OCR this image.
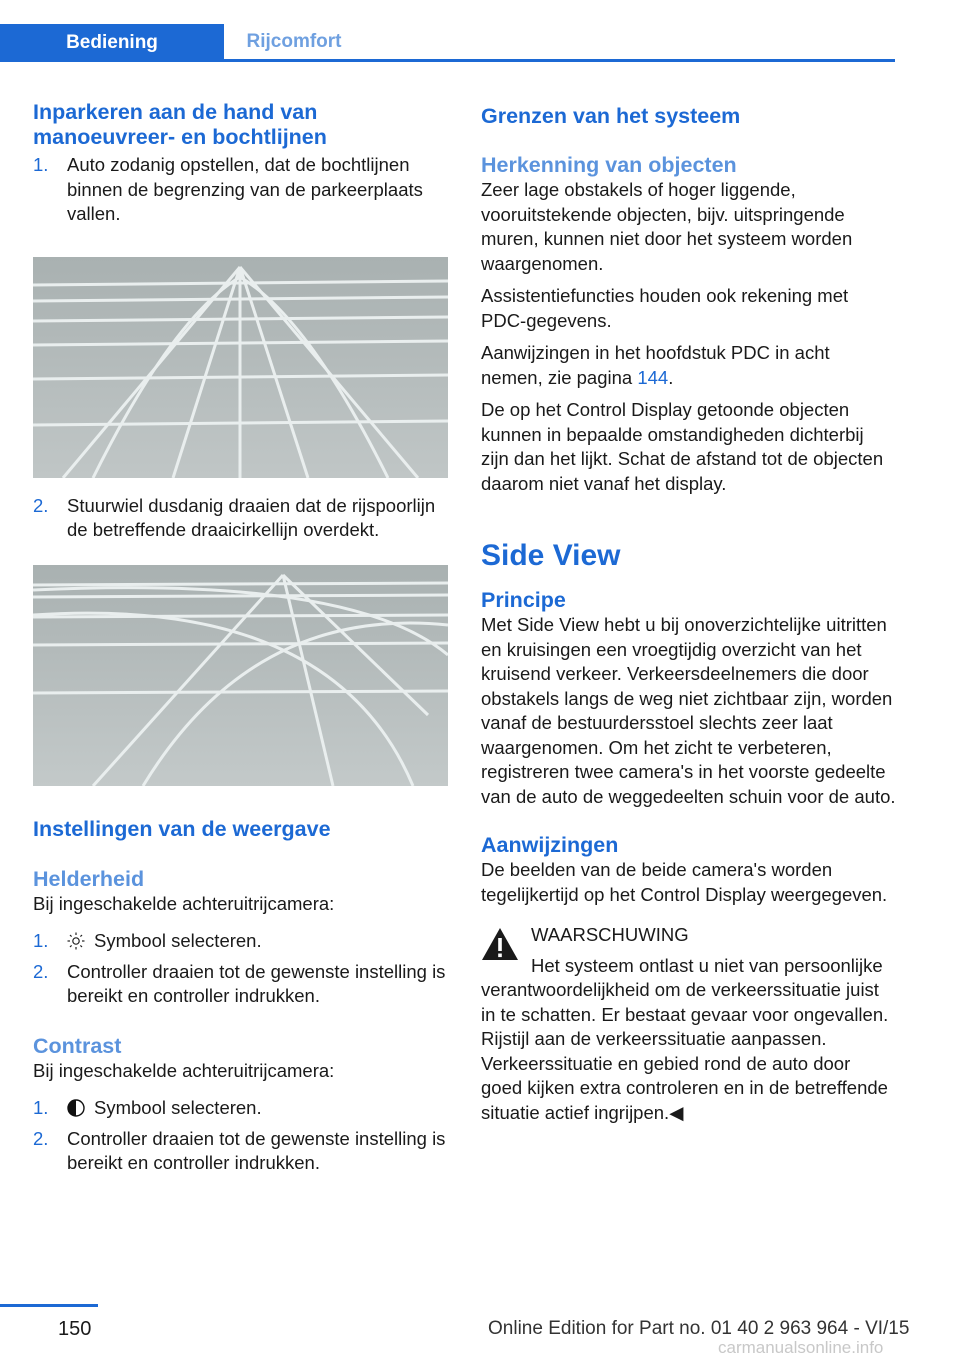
Bediening	Rijcomfort
Inparkeren aan de hand van manoeuvreer- en bochtlijnen
1.	Auto zodanig opstellen, dat de bochtlijnen binnen de begrenzing van de parkeerplaats vallen.
2.	Stuurwiel dusdanig draaien dat de rijspoorlijn de betreffende draaicirkellijn overdekt.
Instellingen van de weergave
Helderheid

Bij ingeschakelde achteruitrijcamera:

1.	Symbool selecteren.
2.	Controller draaien tot de gewenste instelling is bereikt en controller indrukken.
Contrast

Bij ingeschakelde achteruitrijcamera:

1.	Symbool selecteren.
2.	Controller draaien tot de gewenste instelling is bereikt en controller indrukken.
Grenzen van het systeem
Herkenning van objecten

Zeer lage obstakels of hoger liggende, vooruitstekende objecten, bijv. uitspringende muren, kunnen niet door het systeem worden waargenomen.

Assistentiefuncties houden ook rekening met PDC-gegevens.

Aanwijzingen in het hoofdstuk PDC in acht nemen, zie pagina 144.

De op het Control Display getoonde objecten kunnen in bepaalde omstandigheden dichterbij zijn dan het lijkt. Schat de afstand tot de objecten daarom niet vanaf het display.

Side View
Principe

Met Side View hebt u bij onoverzichtelijke uitritten en kruisingen een vroegtijdig overzicht van het kruisend verkeer. Verkeersdeelnemers die door obstakels langs de weg niet zichtbaar zijn, worden vanaf de bestuurdersstoel slechts zeer laat waargenomen. Om het zicht te verbeteren, registreren twee camera's in het voorste gedeelte van de auto de weggedeelten schuin voor de auto.

Aanwijzingen

De beelden van de beide camera's worden tegelijkertijd op het Control Display weergegeven.

WAARSCHUWING

Het systeem ontlast u niet van persoonlijke verantwoordelijkheid om de verkeerssituatie juist in te schatten. Er bestaat gevaar voor ongevallen. Rijstijl aan de verkeerssituatie aanpassen. Verkeerssituatie en gebied rond de auto door goed kijken extra controleren en in de betreffende situatie actief ingrijpen.◀

150	Online Edition for Part no. 01 40 2 963 964 - VI/15
carmanualsonline.info
